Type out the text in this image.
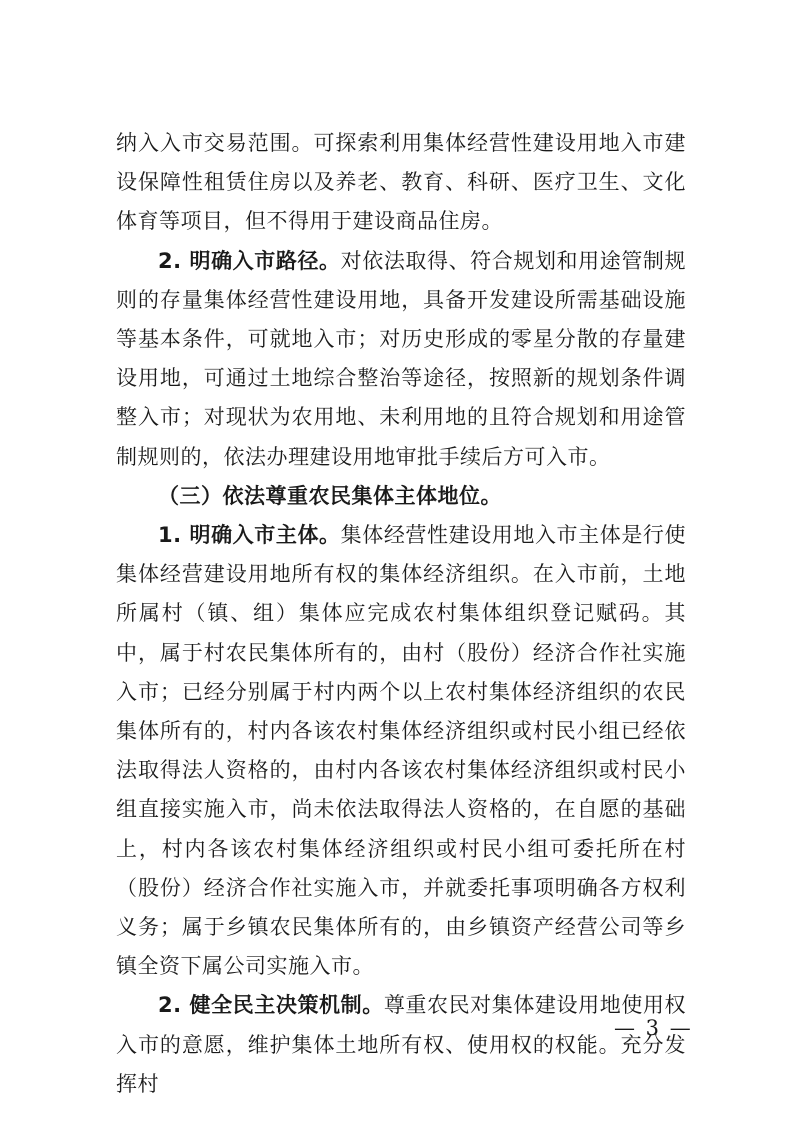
纳入入市交易范围。可探索利用集体经营性建设用地入市建设保障性租赁住房以及养老、教育、科研、医疗卫生、文化体育等项目，但不得用于建设商品住房。

2. 明确入市路径。对依法取得、符合规划和用途管制规则的存量集体经营性建设用地，具备开发建设所需基础设施等基本条件，可就地入市；对历史形成的零星分散的存量建设用地，可通过土地综合整治等途径，按照新的规划条件调整入市；对现状为农用地、未利用地的且符合规划和用途管制规则的，依法办理建设用地审批手续后方可入市。

（三）依法尊重农民集体主体地位。

1. 明确入市主体。集体经营性建设用地入市主体是行使集体经营建设用地所有权的集体经济组织。在入市前，土地所属村（镇、组）集体应完成农村集体组织登记赋码。其中，属于村农民集体所有的，由村（股份）经济合作社实施入市；已经分别属于村内两个以上农村集体经济组织的农民集体所有的，村内各该农村集体经济组织或村民小组已经依法取得法人资格的，由村内各该农村集体经济组织或村民小组直接实施入市，尚未依法取得法人资格的，在自愿的基础上，村内各该农村集体经济组织或村民小组可委托所在村（股份）经济合作社实施入市，并就委托事项明确各方权利义务；属于乡镇农民集体所有的，由乡镇资产经营公司等乡镇全资下属公司实施入市。

2. 健全民主决策机制。尊重农民对集体建设用地使用权入市的意愿，维护集体土地所有权、使用权的权能。充分发挥村

— 3 —
